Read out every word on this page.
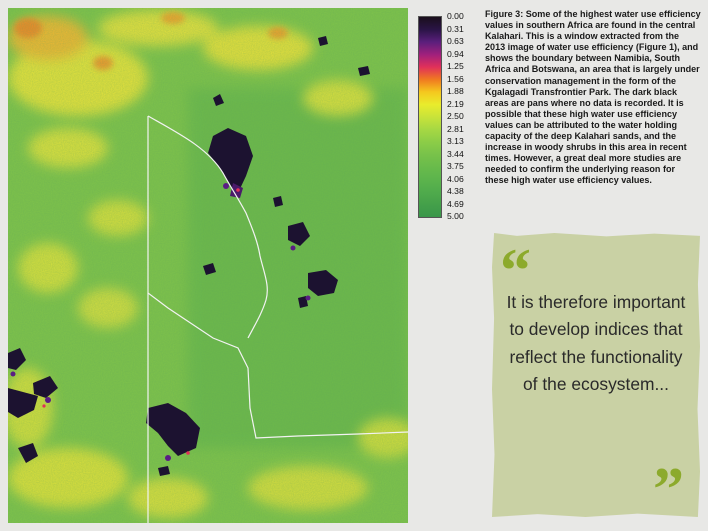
0.00
0.31
0.63
0.94
1.25
1.56
1.88
2.19
2.50
2.81
3.13
3.44
3.75
4.06
4.38
4.69
5.00
Figure 3: Some of the highest water use efficiency values in southern Africa are found in the central Kalahari. This is a window extracted from the 2013 image of water use efficiency (Figure 1), and shows the boundary between Namibia, South Africa and Botswana, an area that is largely under conservation management in the form of the Kgalagadi Transfrontier Park. The dark black areas are pans where no data is recorded. It is possible that these high water use efficiency values can be attributed to the water holding capacity of the deep Kalahari sands, and the increase in woody shrubs in this area in recent times. However, a great deal more studies are needed to confirm the underlying reason for these high water use efficiency values.
“
It is therefore important to develop indices that reflect the functionality of the ecosystem...
”
